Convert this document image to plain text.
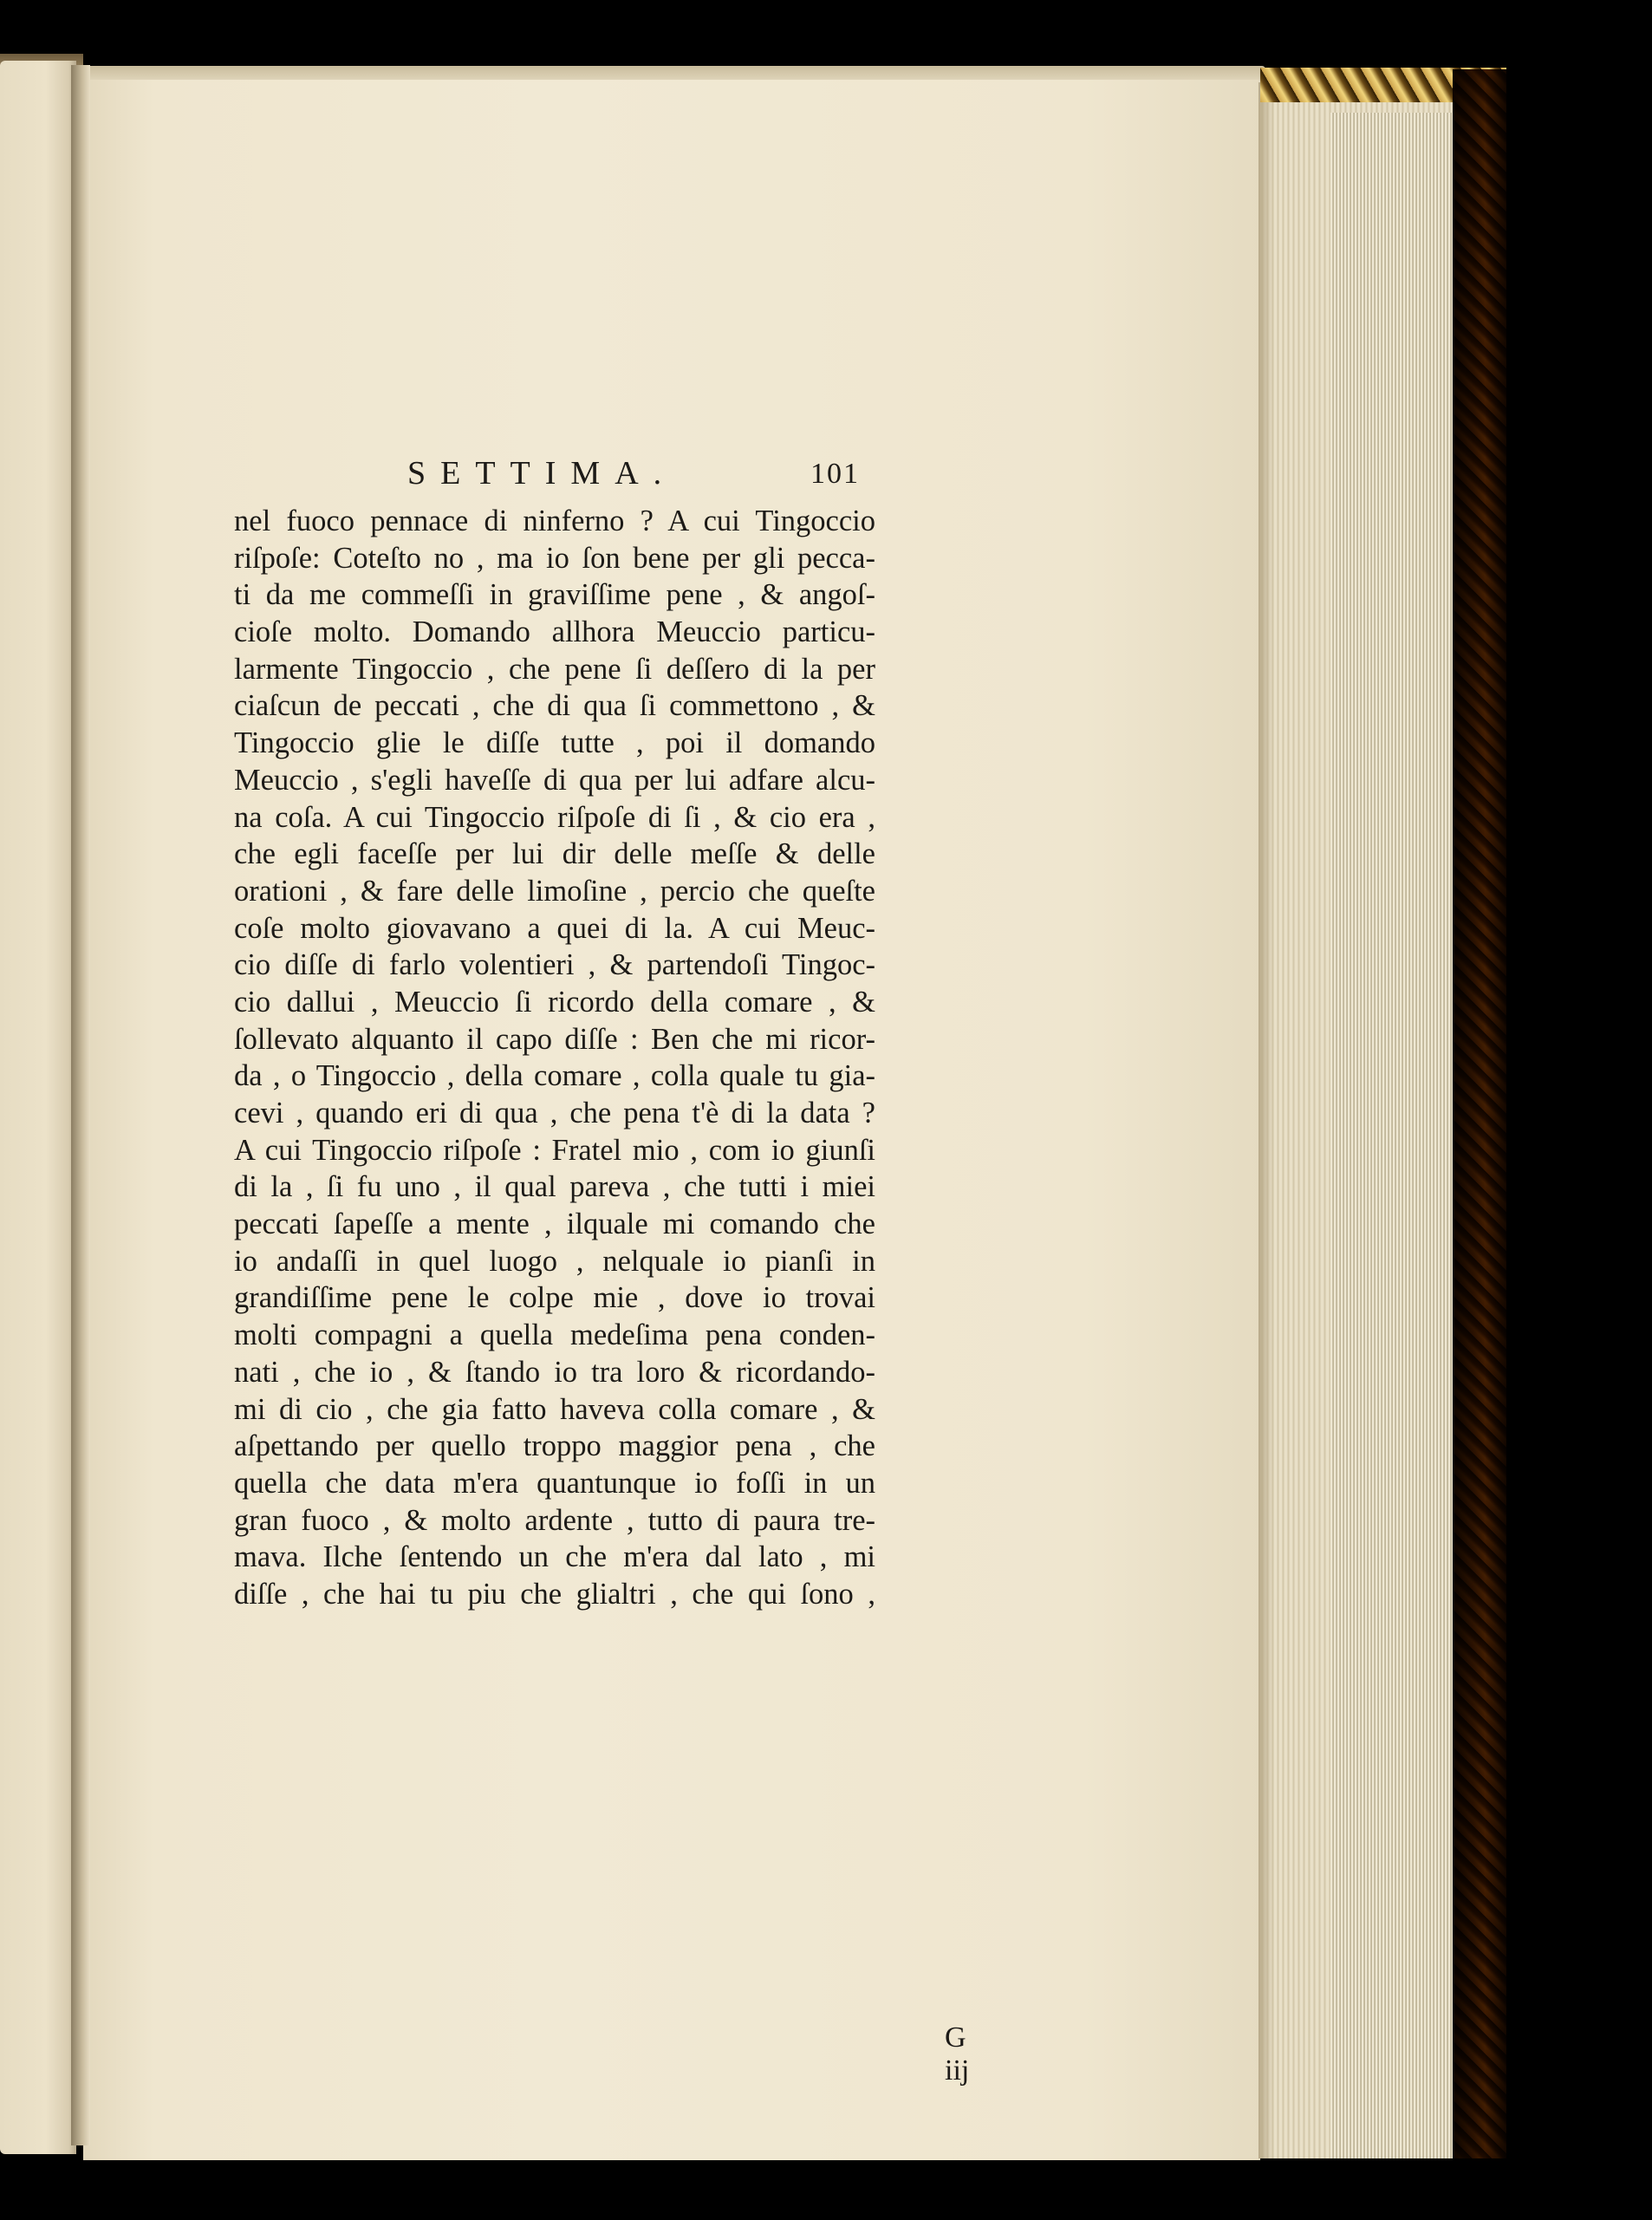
SETTIMA.	101
nel fuoco pennace di ninferno ? A cui Tingoccio
riſpoſe: Coteſto no , ma io ſon bene per gli pecca-
ti da me commeſſi in graviſſime pene , & angoſ-
cioſe molto. Domando allhora Meuccio particu-
larmente Tingoccio , che pene ſi deſſero di la per
ciaſcun de peccati , che di qua ſi commettono , &
Tingoccio glie le diſſe tutte , poi il domando
Meuccio , s'egli haveſſe di qua per lui adfare alcu-
na coſa. A cui Tingoccio riſpoſe di ſi , & cio era ,
che egli faceſſe per lui dir delle meſſe & delle
orationi , & fare delle limoſine , percio che queſte
coſe molto giovavano a quei di la. A cui Meuc-
cio diſſe di farlo volentieri , & partendoſi Tingoc-
cio dallui , Meuccio ſi ricordo della comare , &
ſollevato alquanto il capo diſſe : Ben che mi ricor-
da , o Tingoccio , della comare , colla quale tu gia-
cevi , quando eri di qua , che pena t'è di la data ?
A cui Tingoccio riſpoſe : Fratel mio , com io giunſi
di la , ſi fu uno , il qual pareva , che tutti i miei
peccati ſapeſſe a mente , ilquale mi comando che
io andaſſi in quel luogo , nelquale io pianſi in
grandiſſime pene le colpe mie , dove io trovai
molti compagni a quella medeſima pena conden-
nati , che io , & ſtando io tra loro & ricordando-
mi di cio , che gia fatto haveva colla comare , &
aſpettando per quello troppo maggior pena , che
quella che data m'era quantunque io foſſi in un
gran fuoco , & molto ardente , tutto di paura tre-
mava. Ilche ſentendo un che m'era dal lato , mi
diſſe , che hai tu piu che glialtri , che qui ſono ,
G iij
